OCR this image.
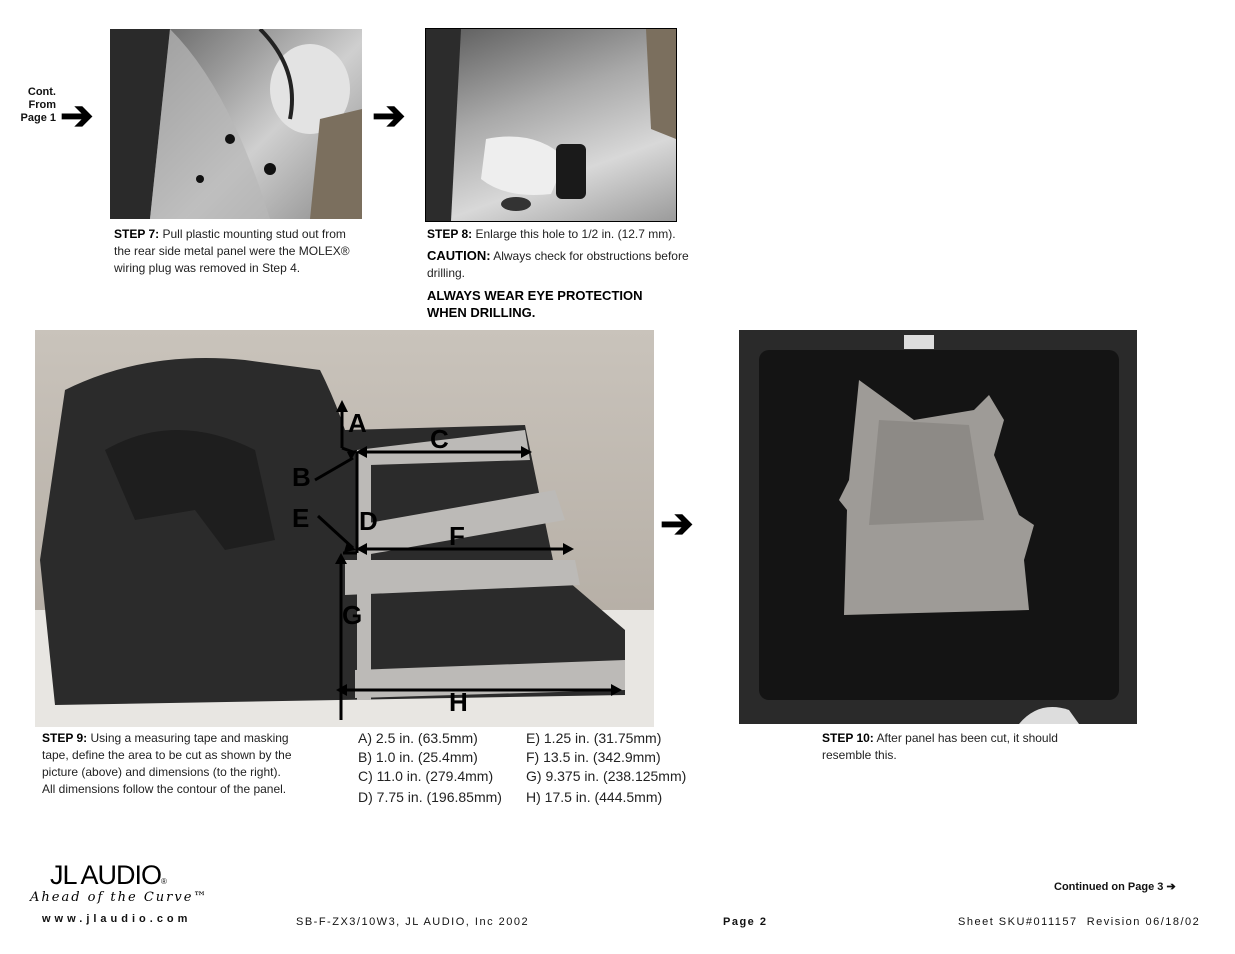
Cont.
From
Page 1 ➔
STEP 7: Pull plastic mounting stud out from the rear side metal panel were the MOLEX® wiring plug was removed in Step 4.
➔
STEP 8: Enlarge this hole to 1/2 in. (12.7 mm).
CAUTION: Always check for obstructions before drilling.
ALWAYS WEAR EYE PROTECTION WHEN DRILLING.
A
B
C
D
E
F
G
H
STEP 9: Using a measuring tape and masking tape, define the area to be cut as shown by the picture (above) and dimensions (to the right). All dimensions follow the contour of the panel.
A) 2.5 in. (63.5mm)
B) 1.0 in. (25.4mm)
C) 11.0 in. (279.4mm)
D) 7.75 in. (196.85mm)
E) 1.25 in. (31.75mm)
F) 13.5 in. (342.9mm)
G) 9.375 in. (238.125mm)
H) 17.5 in. (444.5mm)
➔
STEP 10: After panel has been cut, it should resemble this.
JL AUDIO®
Ahead of the Curve™
www.jlaudio.com	SB-F-ZX3/10W3, JL AUDIO, Inc 2002	Page 2	Sheet SKU#011157  Revision 06/18/02
Continued on Page 3 ➔
